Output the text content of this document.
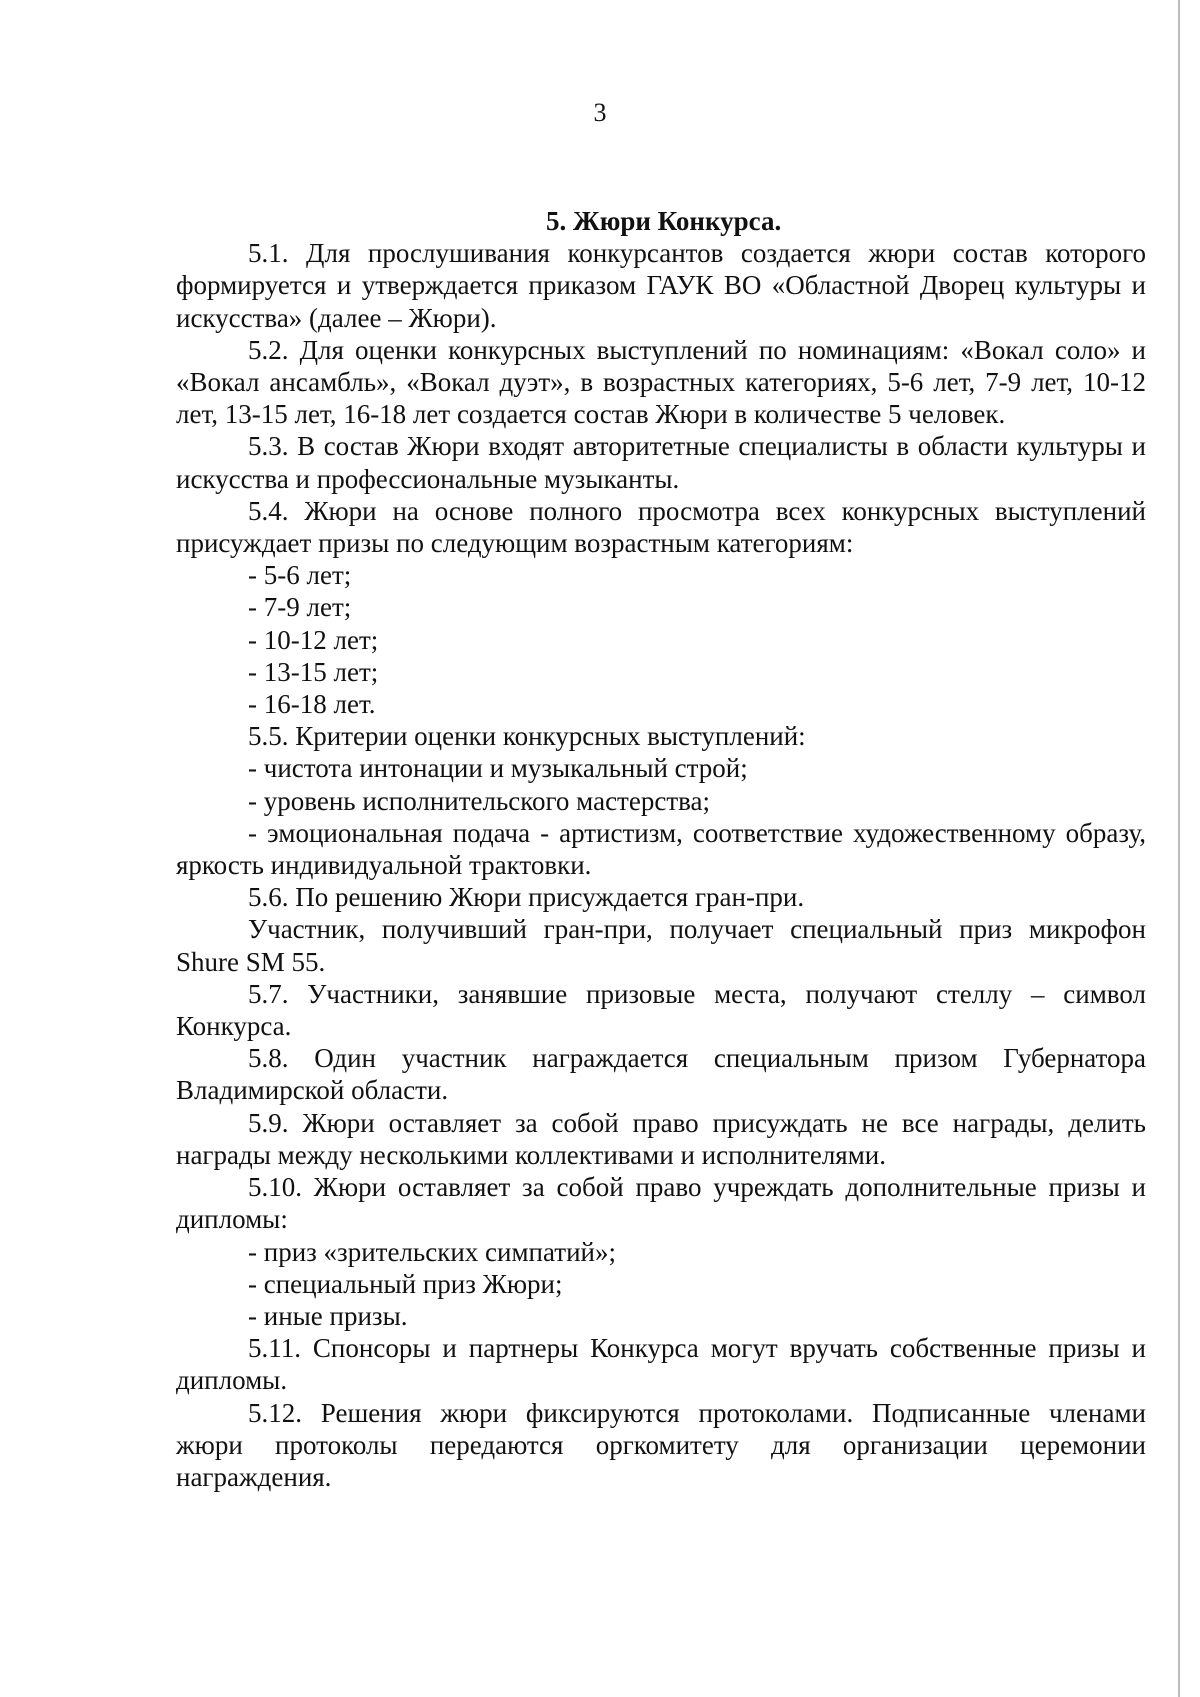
3

5. Жюри Конкурса.

5.1. Для прослушивания конкурсантов создается жюри состав которого формируется и утверждается приказом ГАУК ВО «Областной Дворец культуры и искусства» (далее – Жюри).

5.2. Для оценки конкурсных выступлений по номинациям: «Вокал соло» и «Вокал ансамбль», «Вокал дуэт», в возрастных категориях, 5-6 лет, 7-9 лет, 10-12 лет, 13-15 лет, 16-18 лет создается состав Жюри в количестве 5 человек.

5.3. В состав Жюри входят авторитетные специалисты в области культуры и искусства и профессиональные музыканты.

5.4. Жюри на основе полного просмотра всех конкурсных выступлений присуждает призы по следующим возрастным категориям:

- 5-6 лет;

- 7-9 лет;

- 10-12 лет;

- 13-15 лет;

- 16-18 лет.

5.5. Критерии оценки конкурсных выступлений:

- чистота интонации и музыкальный строй;

- уровень исполнительского мастерства;

- эмоциональная подача - артистизм, соответствие художественному образу, яркость индивидуальной трактовки.

5.6. По решению Жюри присуждается гран-при.

Участник, получивший гран-при, получает специальный приз микрофон Shure SM 55.

5.7. Участники, занявшие призовые места, получают стеллу – символ Конкурса.

5.8. Один участник награждается специальным призом Губернатора Владимирской области.

5.9. Жюри оставляет за собой право присуждать не все награды, делить награды между несколькими коллективами и исполнителями.

5.10. Жюри оставляет за собой право учреждать дополнительные призы и дипломы:

- приз «зрительских симпатий»;

- специальный приз Жюри;

- иные призы.

5.11. Спонсоры и партнеры Конкурса могут вручать собственные призы и дипломы.

5.12. Решения жюри фиксируются протоколами. Подписанные членами жюри протоколы передаются оргкомитету для организации церемонии награждения.
